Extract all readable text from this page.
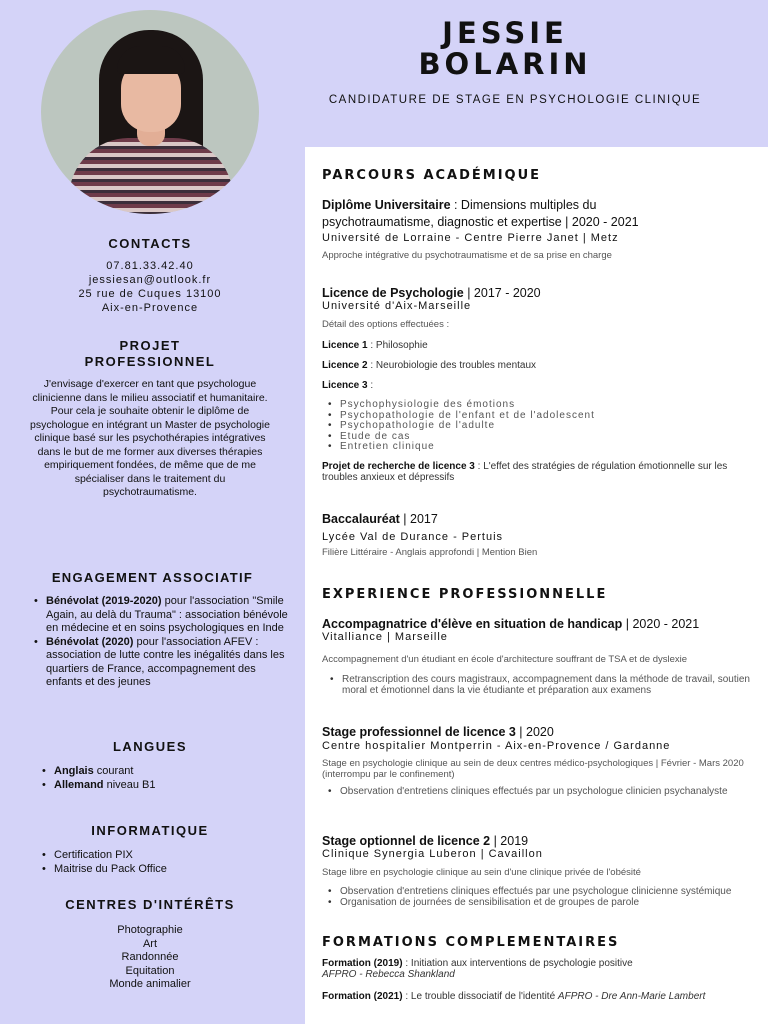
CONTACTS
07.81.33.42.40
jessiesan@outlook.fr
25 rue de Cuques 13100
Aix-en-Provence
PROJET PROFESSIONNEL
J'envisage d'exercer en tant que psychologue clinicienne dans le milieu associatif et humanitaire. Pour cela je souhaite obtenir le diplôme de psychologue en intégrant un Master de psychologie clinique basé sur les psychothérapies intégratives dans le but de me former aux diverses thérapies empiriquement fondées, de même que de me spécialiser dans le traitement du psychotraumatisme.
ENGAGEMENT ASSOCIATIF
• Bénévolat (2019-2020) pour l'association "Smile Again, au delà du Trauma" : association bénévole en médecine et en soins psychologiques en Inde
• Bénévolat (2020) pour l'association AFEV : association de lutte contre les inégalités dans les quartiers de France, accompagnement des enfants et des jeunes
LANGUES
• Anglais courant
• Allemand niveau B1
INFORMATIQUE
• Certification PIX
• Maitrise du Pack Office
CENTRES D'INTÉRÊTS
Photographie
Art
Randonnée
Equitation
Monde animalier
JESSIE
BOLARIN
CANDIDATURE DE STAGE EN PSYCHOLOGIE CLINIQUE
PARCOURS ACADÉMIQUE
Diplôme Universitaire : Dimensions multiples du psychotraumatisme, diagnostic et expertise | 2020 - 2021
Université de Lorraine - Centre Pierre Janet | Metz
Approche intégrative du psychotraumatisme et de sa prise en charge
Licence de Psychologie | 2017 - 2020
Université d'Aix-Marseille
Détail des options effectuées :
Licence 1 : Philosophie
Licence 2 : Neurobiologie des troubles mentaux
Licence 3 :
• Psychophysiologie des émotions
• Psychopathologie de l'enfant et de l'adolescent
• Psychopathologie de l'adulte
• Etude de cas
• Entretien clinique
Projet de recherche de licence 3 : L'effet des stratégies de régulation émotionnelle sur les troubles anxieux et dépressifs
Baccalauréat | 2017
Lycée Val de Durance - Pertuis
Filière Littéraire - Anglais approfondi | Mention Bien
EXPERIENCE PROFESSIONNELLE
Accompagnatrice d'élève en situation de handicap | 2020 - 2021
Vitalliance | Marseille
Accompagnement d'un étudiant en école d'architecture souffrant de TSA et de dyslexie
• Retranscription des cours magistraux, accompagnement dans la méthode de travail, soutien moral et émotionnel dans la vie étudiante et préparation aux examens
Stage professionnel de licence 3 | 2020
Centre hospitalier Montperrin - Aix-en-Provence / Gardanne
Stage en psychologie clinique au sein de deux centres médico-psychologiques | Février - Mars 2020 (interrompu par le confinement)
• Observation d'entretiens cliniques effectués par un psychologue clinicien psychanalyste
Stage optionnel de licence 2 | 2019
Clinique Synergia Luberon | Cavaillon
Stage libre en psychologie clinique au sein d'une clinique privée de l'obésité
• Observation d'entretiens cliniques effectués par une psychologue clinicienne systémique
• Organisation de journées de sensibilisation et de groupes de parole
FORMATIONS COMPLEMENTAIRES
Formation (2019) : Initiation aux interventions de psychologie positive
AFPRO - Rebecca Shankland
Formation (2021) : Le trouble dissociatif de l'identité AFPRO - Dre Ann-Marie Lambert
